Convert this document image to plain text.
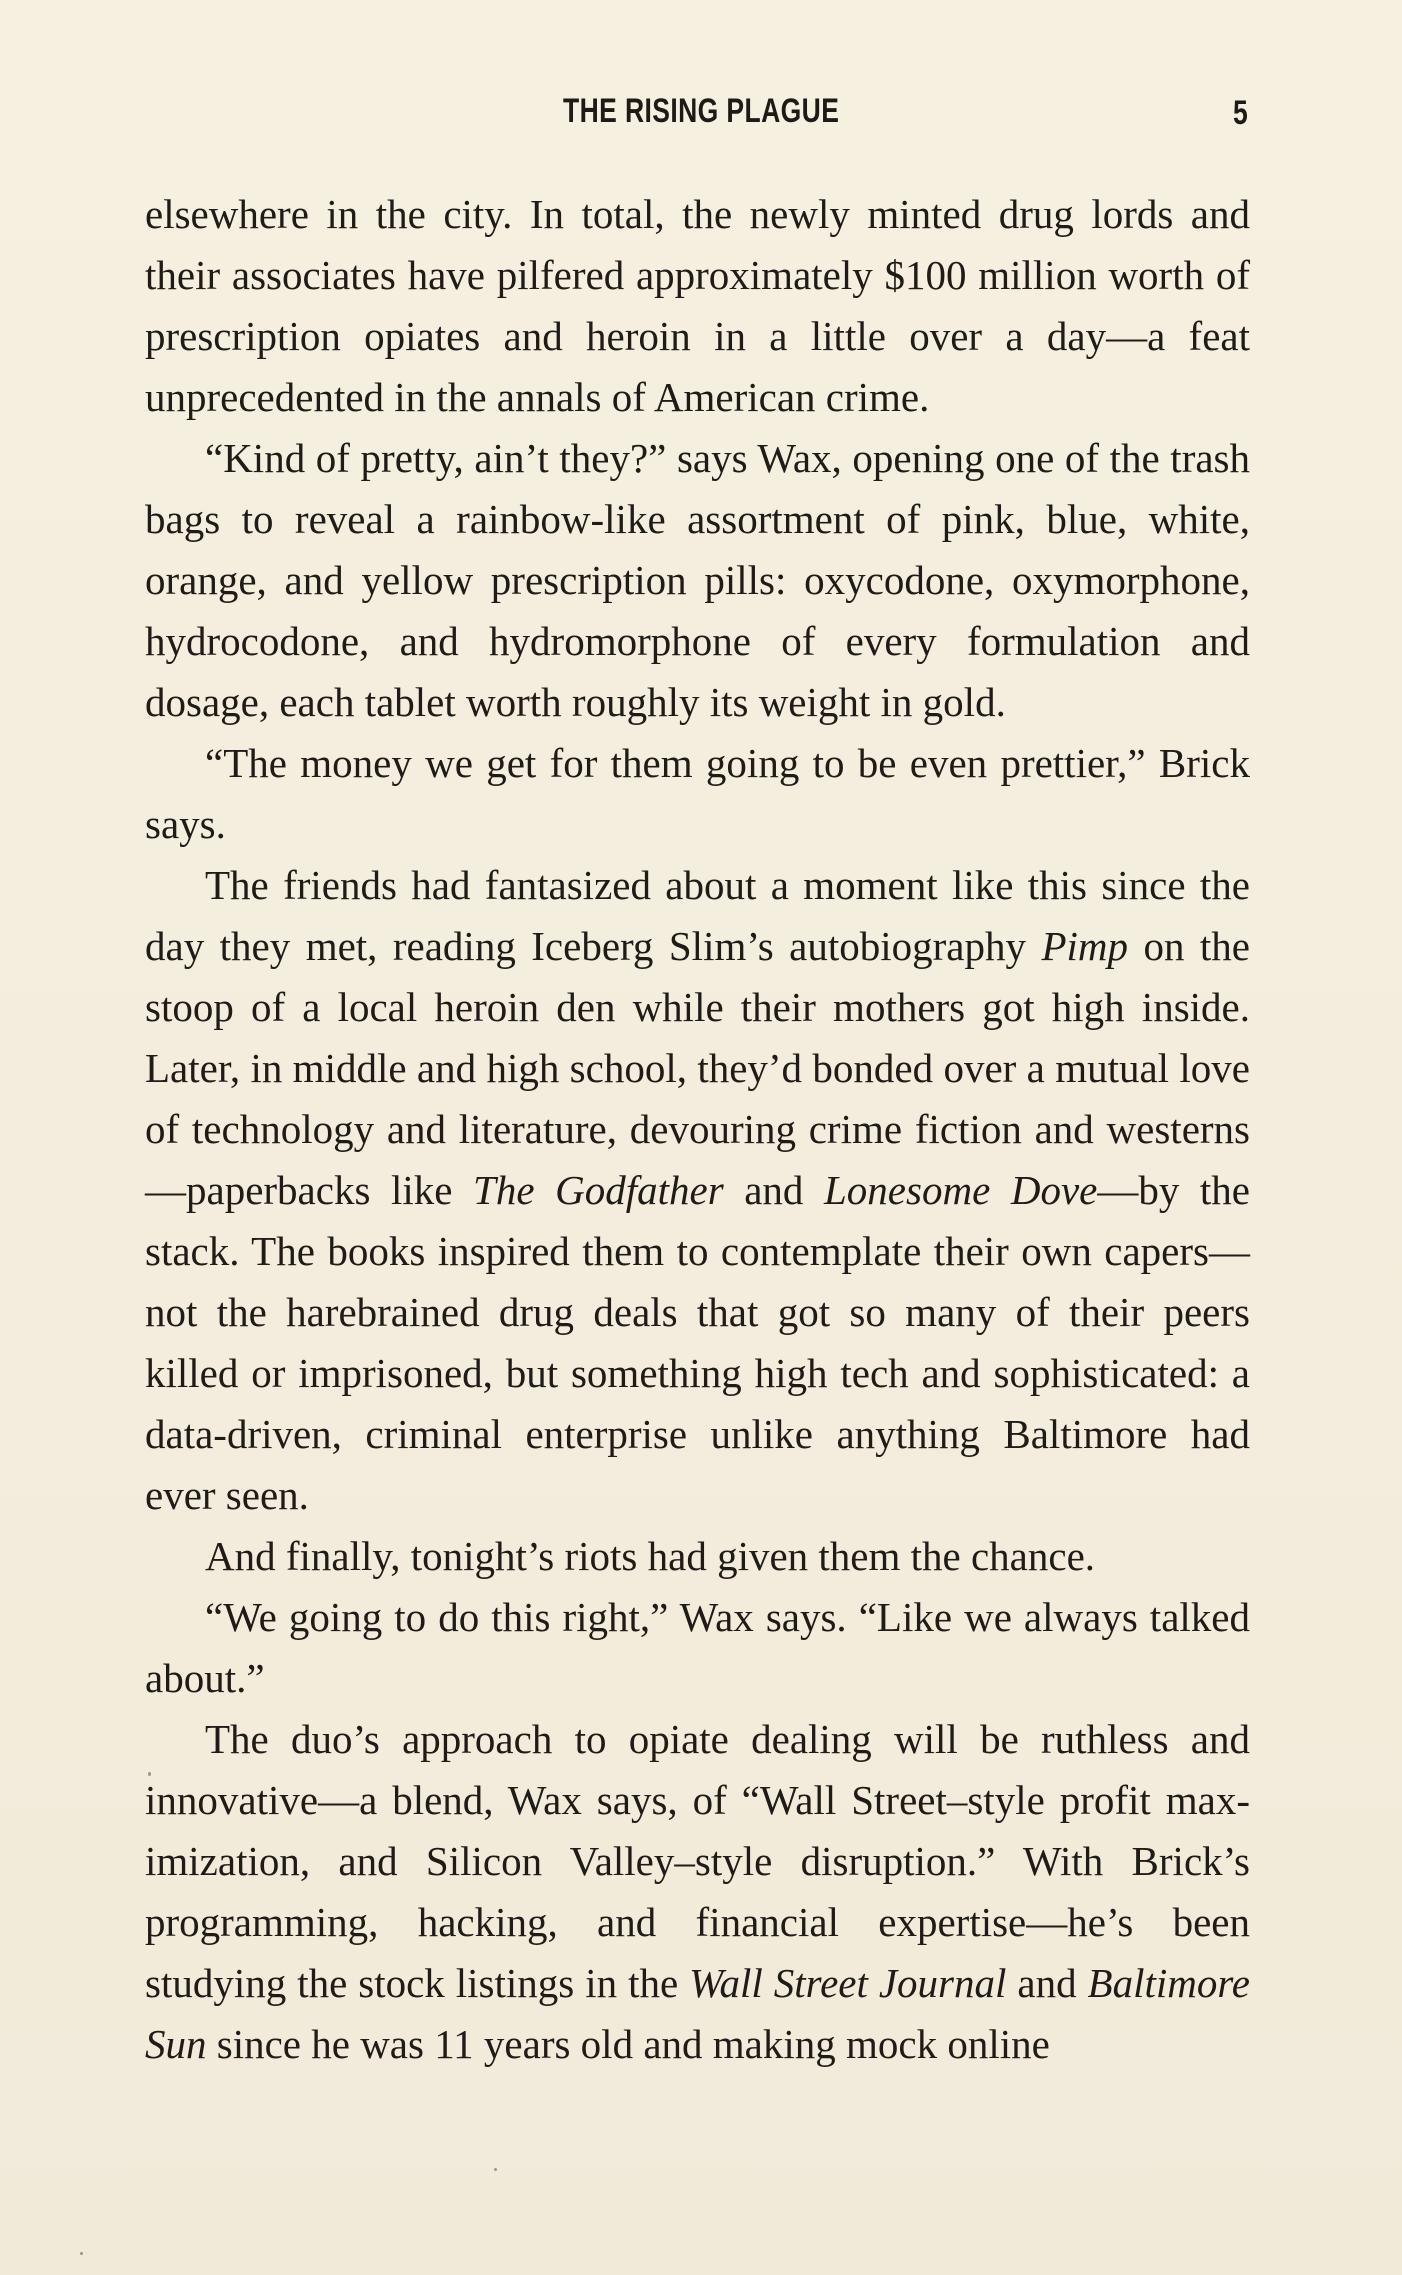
THE RISING PLAGUE	5

elsewhere in the city. In total, the newly minted drug lords and their associates have pilfered approximately $100 million worth of prescription opiates and heroin in a little over a day—a feat unprecedented in the annals of American crime.

“Kind of pretty, ain’t they?” says Wax, opening one of the trash bags to reveal a rainbow-like assortment of pink, blue, white, orange, and yellow prescription pills: oxycodone, oxymorphone, hydrocodone, and hydromorphone of every formulation and dosage, each tablet worth roughly its weight in gold.

“The money we get for them going to be even prettier,” Brick says.

The friends had fantasized about a moment like this since the day they met, reading Iceberg Slim’s autobiography Pimp on the stoop of a local heroin den while their mothers got high inside. Later, in middle and high school, they’d bonded over a mutual love of technology and literature, devouring crime fiction and westerns—paperbacks like The Godfather and Lonesome Dove—by the stack. The books inspired them to contemplate their own capers—not the harebrained drug deals that got so many of their peers killed or imprisoned, but something high tech and sophisticated: a data-driven, criminal enterprise unlike anything Baltimore had ever seen.

And finally, tonight’s riots had given them the chance.

“We going to do this right,” Wax says. “Like we always talked about.”

The duo’s approach to opiate dealing will be ruthless and innovative—a blend, Wax says, of “Wall Street–style profit maximization, and Silicon Valley–style disruption.” With Brick’s programming, hacking, and financial expertise—he’s been studying the stock listings in the Wall Street Journal and Baltimore Sun since he was 11 years old and making mock online
